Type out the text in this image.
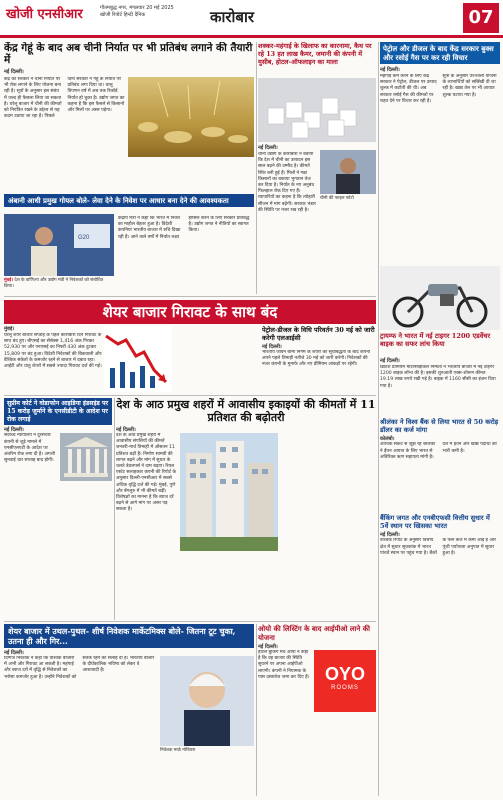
खोजी एनसीआर	गौतमबुद्ध नगर, मंगलवार 20 मई 2025
खोजी रिपोर्ट हिन्दी दैनिक	कारोबार	07
केंद्र गेहूं के बाद अब चीनी निर्यात पर भी प्रतिबंध लगाने की तैयारी में
नई दिल्ली।
केंद्र की सरकार ने चीनी निर्यात पर भी रोक लगाने के लिए योजना बना रही है। सूत्रों के अनुसार इस संबंध में जल्द ही फैसला लिया जा सकता है। घरेलू बाजार में चीनी की कीमतों को नियंत्रित रखने के उद्देश्य से यह कदम उठाया जा रहा है। पिछले दिनों सरकार ने गेहूं के निर्यात पर प्रतिबंध लगा दिया था। चालू विपणन वर्ष में अब तक रिकॉर्ड निर्यात हो चुका है। उद्योग जगत का कहना है कि इस फैसले से किसानों और मिलों पर असर पड़ेगा।
अंबानी आधी प्रमुख गोयल बोले- लेवा देने के निवेश पर आधार बना देने की आवश्यकता
G20
मुंबई। देश के वाणिज्य और उद्योग मंत्री ने निवेशकों को संबोधित किया।
केंद्रीय मंत्री ने कहा कि भारत में निवेश का माहौल बेहतर हुआ है। विदेशी कंपनियां भारतीय बाजार में रुचि दिखा रही हैं। आने वाले वर्षों में निर्यात लक्ष्य हासिल करने के लिए सरकार प्रतिबद्ध है। उद्योग जगत ने नीतियों का स्वागत किया।
शक्कर-महंगाई के खिलाफ का कारनामा, कैथ पर रहे 13 हत लाख कैमर, जमानी की कंपनी में मुसीब, होटल-ऑफलाइन का माला
नई दिल्ली।
चीनी उद्योग के कारोबारी ने बताया कि देश में चीनी का उत्पादन इस साल बढ़ने की उम्मीद है। कीमतें स्थिर बनी हुई हैं। मिलों ने गन्ना किसानों का बकाया भुगतान तेज कर दिया है। निर्यात के नए अनुबंध फिलहाल रोक दिए गए हैं। व्यापारियों का कहना है कि त्योहारी सीजन में मांग बढ़ेगी। सरकार भंडार की स्थिति पर नजर रख रही है।
चीनी की फाइल फोटो
पेट्रोल और डीजल के बाद केंद्र सरकार बुक्स और रसोई गैस पर कर रही विचार
नई दिल्ली।
महंगाई कम करने के लिए केंद्र सरकार ने पेट्रोल, डीजल पर उत्पाद शुल्क में कटौती की थी। अब सरकार रसोई गैस की कीमतों पर राहत देने पर विचार कर रही है। सूत्रों के अनुसार उज्ज्वला योजना के लाभार्थियों को सब्सिडी दी जा रही है। खाद्य तेल पर भी आयात शुल्क घटाया गया है।
ट्रायम्फ ने भारत में नई टाइगर 1200 एडवेंचर बाइक का सफर लांच किया
नई दिल्ली।
ब्रिटिश प्रीमियम मोटरसाइकिल निर्माता ने भारतीय बाजार में नई टाइगर 1200 बाइक लॉन्च की है। इसकी शुरुआती एक्स-शोरूम कीमत 19.19 लाख रुपये रखी गई है। बाइक में 1160 सीसी का इंजन दिया गया है।
शेयर बाजार गिरावट के साथ बंद
मुंबई।
घरेलू शेयर बाजार सप्ताह के पहले कारोबारी दिन गिरावट के साथ बंद हुए। बीएसई का सेंसेक्स 1,416 अंक गिरकर 52,930 पर और एनएसई का निफ्टी 430 अंक टूटकर 15,809 पर बंद हुआ। विदेशी निवेशकों की बिकवाली और वैश्विक संकेतों के कमजोर रहने से बाजार में दबाव रहा। आईटी और धातु शेयरों में सबसे ज्यादा गिरावट दर्ज की गई।
पेट्रोल-डीजल के विधि परिवर्तन 30 मई को जारी करेगी एलआईसी
नई दिल्ली।
भारतीय जीवन बीमा निगम के शेयरों की सूचीबद्धता के बाद कंपनी अपने पहले तिमाही नतीजे 30 मई को जारी करेगी। निवेशकों की नजर कंपनी के मुनाफे और नए प्रीमियम आंकड़ों पर रहेगी।
सुप्रीम कोर्ट ने वोडाफोन आइडिया इंडसइंड पर 15 करोड़ जुर्माने के एनसीडीटी के आदेश पर रोक लगाई
नई दिल्ली।
सर्वोच्च न्यायालय ने दूरसंचार कंपनी से जुड़े मामले में एनसीएलएटी के आदेश पर अंतरिम रोक लगा दी है। अगली सुनवाई चार सप्ताह बाद होगी।
देश के आठ प्रमुख शहरों में आवासीय इकाइयों की कीमतों में 11 प्रतिशत की बढ़ोतरी
नई दिल्ली।
देश के आठ प्रमुख शहरों में आवासीय संपत्तियों की कीमतें जनवरी-मार्च तिमाही में औसतन 11 प्रतिशत बढ़ी हैं। निर्माण सामग्री की लागत बढ़ने और मांग में सुधार के चलते डेवलपर्स ने दाम बढ़ाए। रियल एस्टेट सलाहकार कंपनी की रिपोर्ट के अनुसार दिल्ली-एनसीआर में सबसे अधिक वृद्धि दर्ज की गई। मुंबई, पुणे और बेंगलुरु में भी कीमतें बढ़ीं। विशेषज्ञों का मानना है कि ब्याज दरें बढ़ने से आगे मांग पर असर पड़ सकता है।
श्रीलंका ने विश्व बैंक से लिया भारत से 50 करोड़ डॉलर का कर्ज मांगा
कोलंबो।
आर्थिक संकट से जूझ रहे श्रीलंका ने ईंधन आयात के लिए भारत से अतिरिक्त ऋण सहायता मांगी है। देश में ईंधन और खाद्य पदार्थों की भारी कमी है।
बैंकिंग जगत और एनबीएफसी वित्तीय सुधार में 5वें स्थान पर खिसका भारत
नई दिल्ली।
वैश्विक रिपोर्ट के अनुसार वित्तीय क्षेत्र में सुधार सूचकांक में भारत पांचवें स्थान पर पहुंच गया है। बैंकों के फंसे कर्ज में कमी आई है और पूंजी पर्याप्तता अनुपात में सुधार हुआ है।
शेयर बाजार में उथल-पुथल- शीर्ष निवेशक मार्केटमिक्स बोले- जितना टूट चुका, उतना ही और गिर...
नई दिल्ली।
दिग्गज निवेशक ने कहा कि वैश्विक बाजारों में अभी और गिरावट आ सकती है। महंगाई और ब्याज दरों में वृद्धि से निवेशकों का भरोसा कमजोर हुआ है। उन्होंने निवेशकों को सतर्क रहने की सलाह दी है। भारतीय बाजार के दीर्घकालिक भविष्य को लेकर वे आशावादी हैं।
निवेशक मार्क मोबियस
ओयो की लिस्टिंग के बाद आईपीओ लाने की योजना
नई दिल्ली।
होटल बुकिंग मंच ओयो ने कहा है कि वह बाजार की स्थिति सुधरने पर अपना आईपीओ लाएगी। कंपनी ने नियामक के पास दस्तावेज जमा कर दिए हैं। OYO
ROOMS
